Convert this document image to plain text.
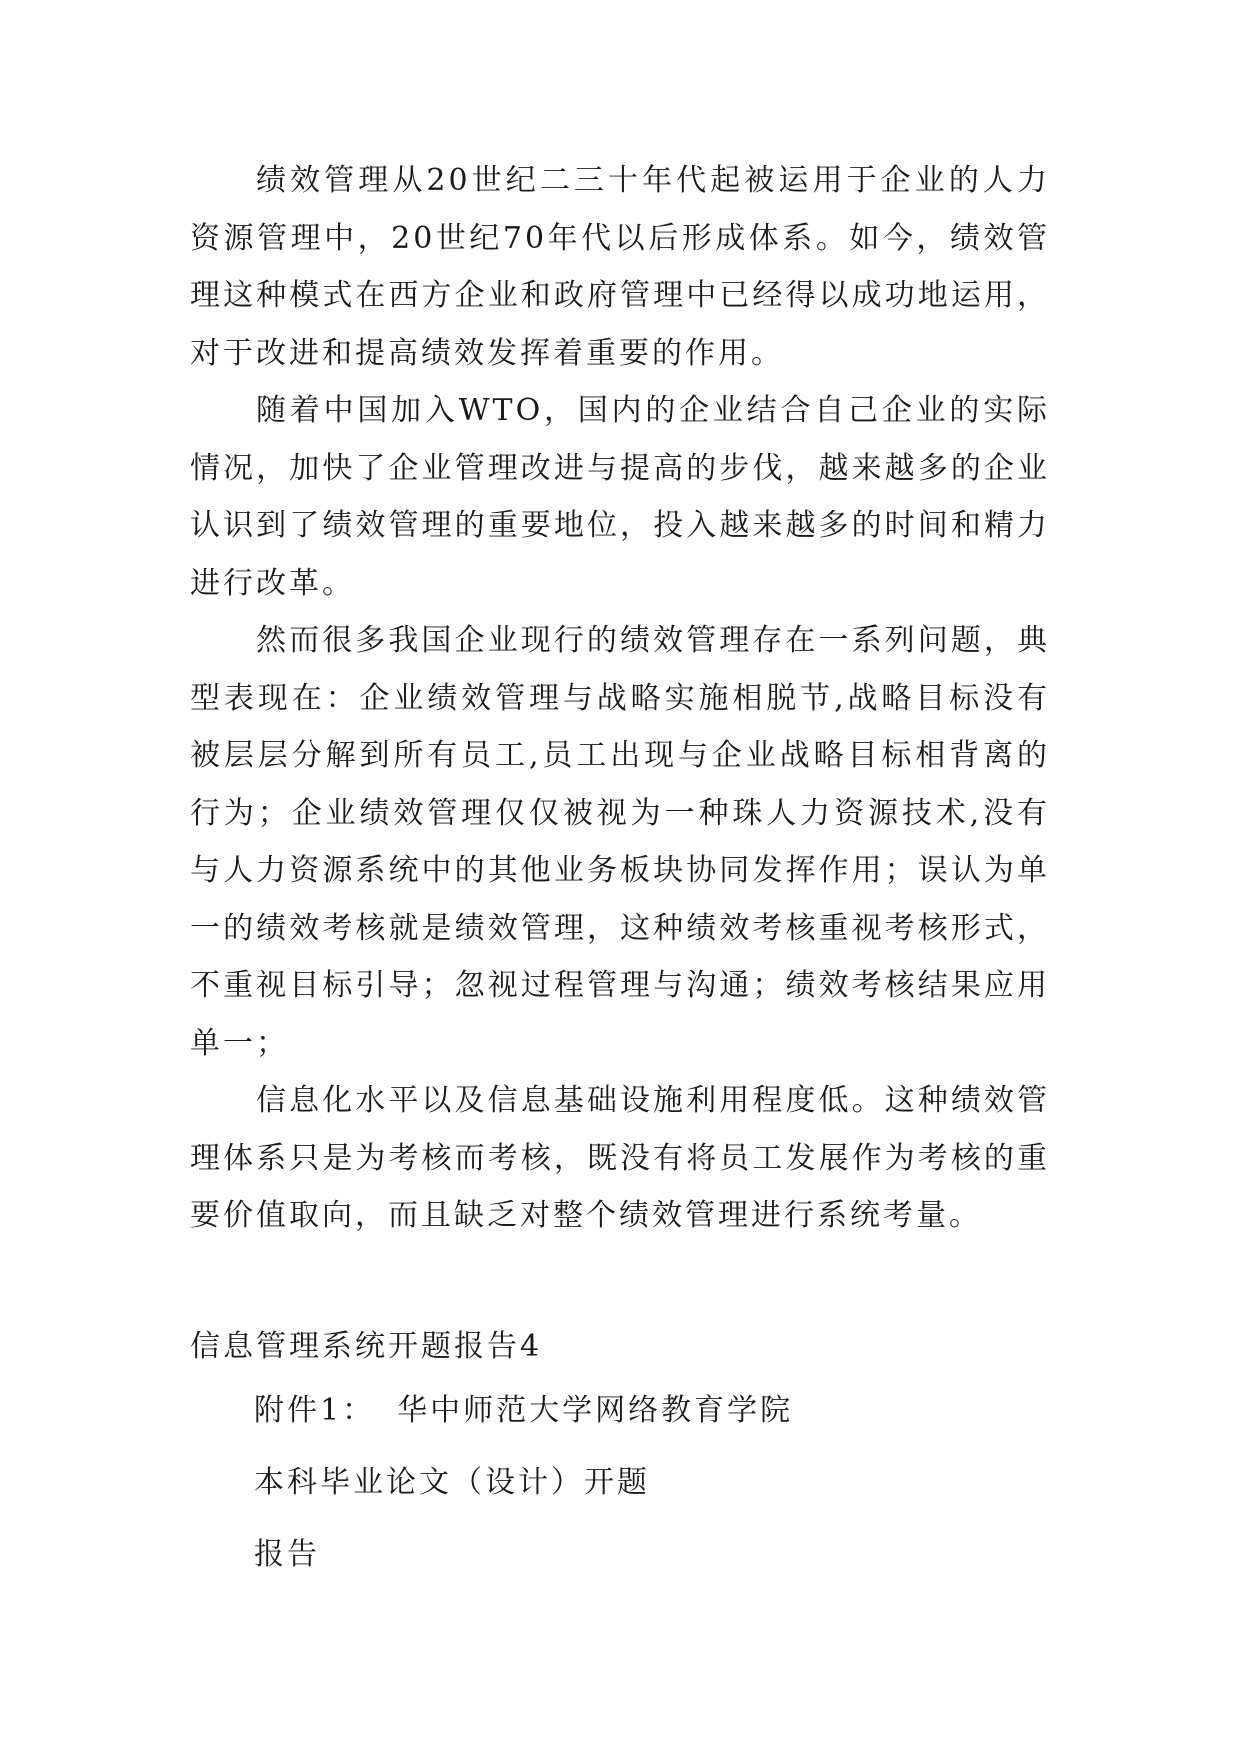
绩效管理从20世纪二三十年代起被运用于企业的人力资源管理中，20世纪70年代以后形成体系。如今，绩效管理这种模式在西方企业和政府管理中已经得以成功地运用，对于改进和提高绩效发挥着重要的作用。

随着中国加入WTO，国内的企业结合自己企业的实际情况，加快了企业管理改进与提高的步伐，越来越多的企业认识到了绩效管理的重要地位，投入越来越多的时间和精力进行改革。

然而很多我国企业现行的绩效管理存在一系列问题，典型表现在：企业绩效管理与战略实施相脱节,战略目标没有被层层分解到所有员工,员工出现与企业战略目标相背离的行为；企业绩效管理仅仅被视为一种珠人力资源技术,没有与人力资源系统中的其他业务板块协同发挥作用；误认为单一的绩效考核就是绩效管理，这种绩效考核重视考核形式，不重视目标引导；忽视过程管理与沟通；绩效考核结果应用单一；

信息化水平以及信息基础设施利用程度低。这种绩效管理体系只是为考核而考核，既没有将员工发展作为考核的重要价值取向，而且缺乏对整个绩效管理进行系统考量。

信息管理系统开题报告4

附件1： 华中师范大学网络教育学院

本科毕业论文（设计）开题

报告
